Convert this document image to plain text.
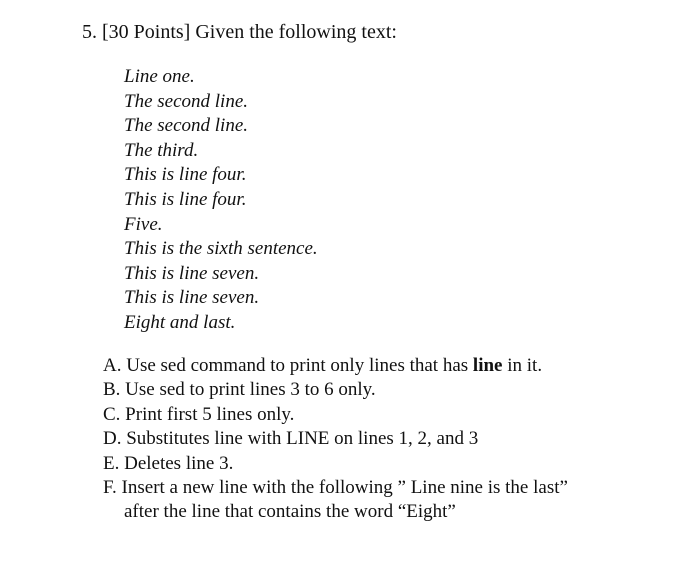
5. [30 Points] Given the following text:
Line one.
The second line.
The second line.
The third.
This is line four.
This is line four.
Five.
This is the sixth sentence.
This is line seven.
This is line seven.
Eight and last.
A. Use sed command to print only lines that has line in it.
B. Use sed to print lines 3 to 6 only.
C. Print first 5 lines only.
D. Substitutes line with LINE on lines 1, 2, and 3
E. Deletes line 3.
F. Insert a new line with the following ” Line nine is the last”
after the line that contains the word “Eight”
